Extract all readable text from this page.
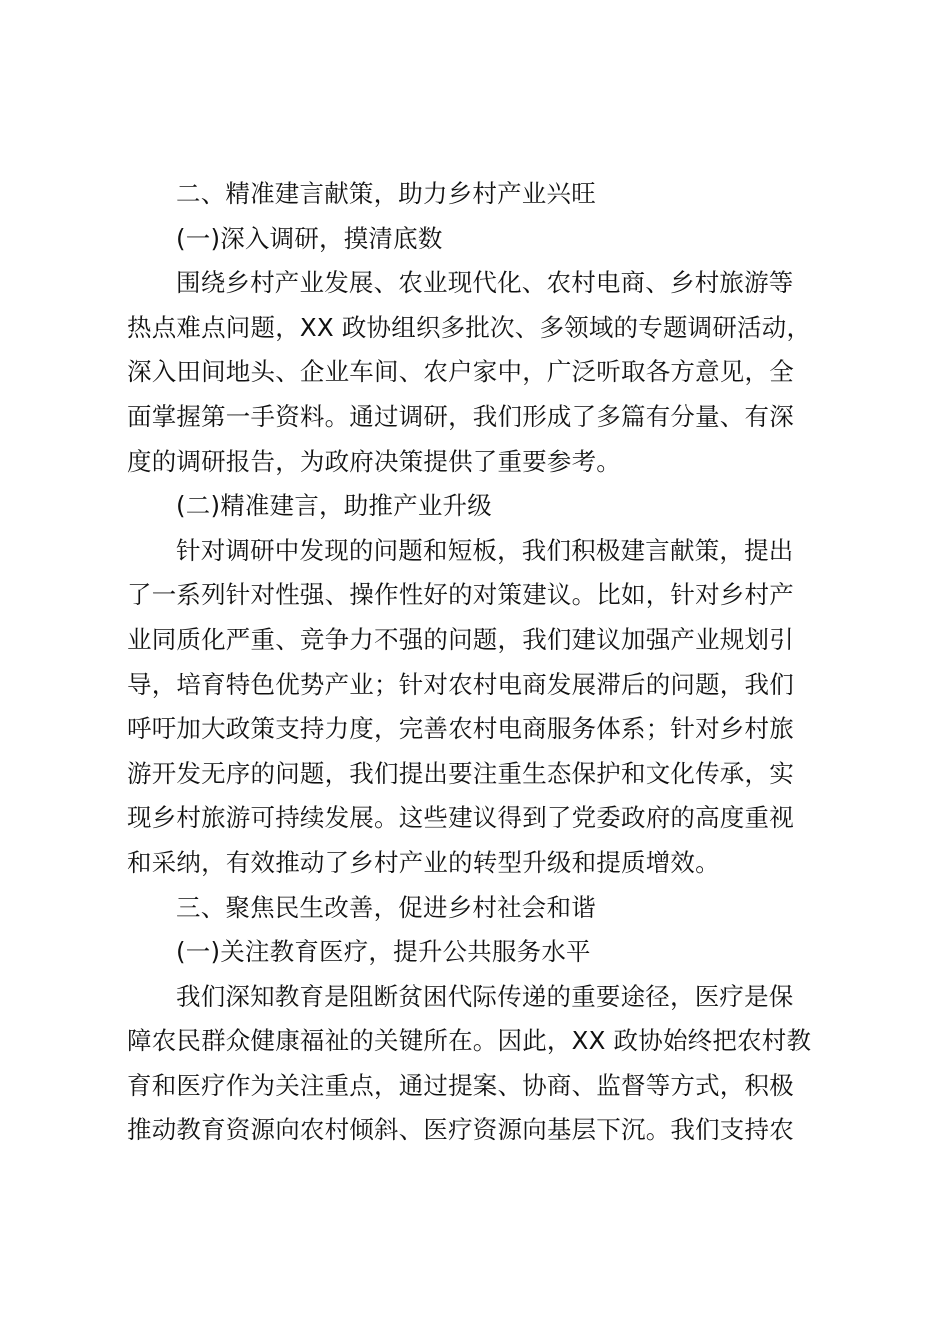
二、精准建言献策，助力乡村产业兴旺
(一)深入调研，摸清底数
围绕乡村产业发展、农业现代化、农村电商、乡村旅游等
热点难点问题，XX 政协组织多批次、多领域的专题调研活动，
深入田间地头、企业车间、农户家中，广泛听取各方意见，全
面掌握第一手资料。通过调研，我们形成了多篇有分量、有深
度的调研报告，为政府决策提供了重要参考。
(二)精准建言，助推产业升级
针对调研中发现的问题和短板，我们积极建言献策，提出
了一系列针对性强、操作性好的对策建议。比如，针对乡村产
业同质化严重、竞争力不强的问题，我们建议加强产业规划引
导，培育特色优势产业；针对农村电商发展滞后的问题，我们
呼吁加大政策支持力度，完善农村电商服务体系；针对乡村旅
游开发无序的问题，我们提出要注重生态保护和文化传承，实
现乡村旅游可持续发展。这些建议得到了党委政府的高度重视
和采纳，有效推动了乡村产业的转型升级和提质增效。
三、聚焦民生改善，促进乡村社会和谐
(一)关注教育医疗，提升公共服务水平
我们深知教育是阻断贫困代际传递的重要途径，医疗是保
障农民群众健康福祉的关键所在。因此，XX 政协始终把农村教
育和医疗作为关注重点，通过提案、协商、监督等方式，积极
推动教育资源向农村倾斜、医疗资源向基层下沉。我们支持农
